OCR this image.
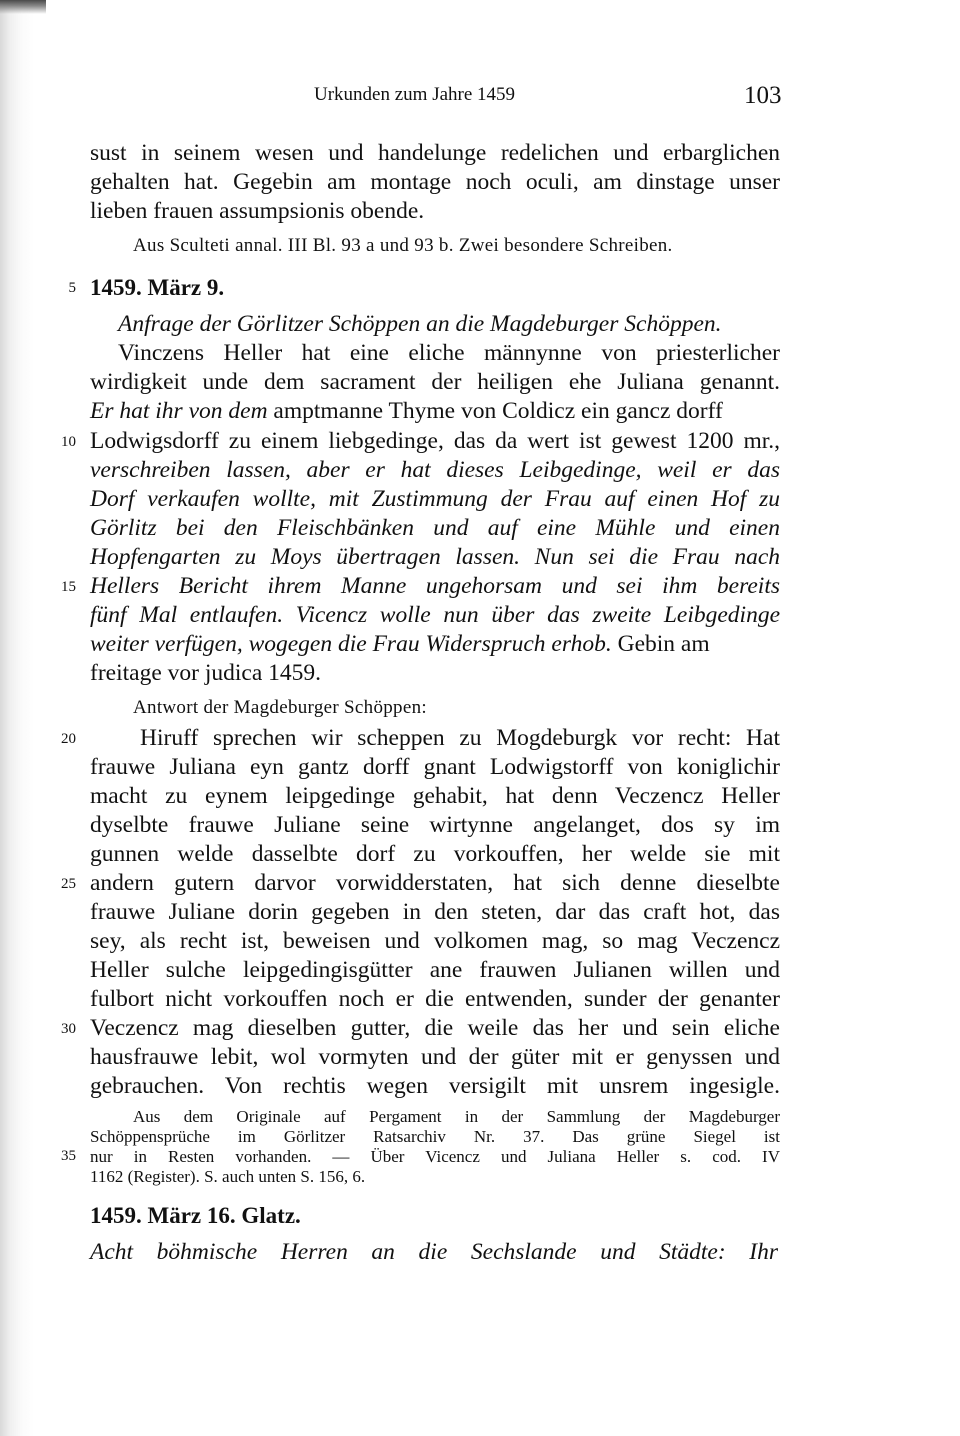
Urkunden zum Jahre 1459	103
sust in seinem wesen und handelunge redelichen und erbarglichen
gehalten hat. Gegebin am montage noch oculi, am dinstage unser
lieben frauen assumpsionis obende.
Aus Sculteti annal. III Bl. 93 a und 93 b. Zwei besondere Schreiben.
5 1459. März 9.
Anfrage der Görlitzer Schöppen an die Magdeburger Schöppen.
Vinczens Heller hat eine eliche männynne von priesterlicher
wirdigkeit unde dem sacrament der heiligen ehe Juliana genannt.
Er hat ihr von dem amptmanne Thyme von Coldicz ein gancz dorff
10 Lodwigsdorff zu einem liebgedinge, das da wert ist gewest 1200 mr.,
verschreiben lassen, aber er hat dieses Leibgedinge, weil er das
Dorf verkaufen wollte, mit Zustimmung der Frau auf einen Hof zu
Görlitz bei den Fleischbänken und auf eine Mühle und einen
Hopfengarten zu Moys übertragen lassen. Nun sei die Frau nach
15 Hellers Bericht ihrem Manne ungehorsam und sei ihm bereits
fünf Mal entlaufen. Vicencz wolle nun über das zweite Leibgedinge
weiter verfügen, wogegen die Frau Widerspruch erhob. Gebin am
freitage vor judica 1459.
Antwort der Magdeburger Schöppen:
20	Hiruff sprechen wir scheppen zu Mogdeburgk vor recht: Hat
frauwe Juliana eyn gantz dorff gnant Lodwigstorff von koniglichir
macht zu eynem leipgedinge gehabit, hat denn Veczencz Heller
dyselbte frauwe Juliane seine wirtynne angelanget, dos sy im
gunnen welde dasselbte dorf zu vorkouffen, her welde sie mit
25 andern gutern darvor vorwidderstaten, hat sich denne dieselbte
frauwe Juliane dorin gegeben in den steten, dar das craft hot, das
sey, als recht ist, beweisen und volkomen mag, so mag Veczencz
Heller sulche leipgedingisgütter ane frauwen Julianen willen und
fulbort nicht vorkouffen noch er die entwenden, sunder der genanter
30 Veczencz mag dieselben gutter, die weile das her und sein eliche
hausfrauwe lebit, wol vormyten und der güter mit er genyssen und
gebrauchen. Von rechtis wegen versigilt mit unsrem ingesigle.
Aus dem Originale auf Pergament in der Sammlung der Magdeburger
Schöppensprüche im Görlitzer Ratsarchiv Nr. 37. Das grüne Siegel ist
35 nur in Resten vorhanden. — Über Vicencz und Juliana Heller s. cod. IV
1162 (Register). S. auch unten S. 156, 6.
1459. März 16. Glatz.
Acht böhmische Herren an die Sechslande und Städte: Ihr
